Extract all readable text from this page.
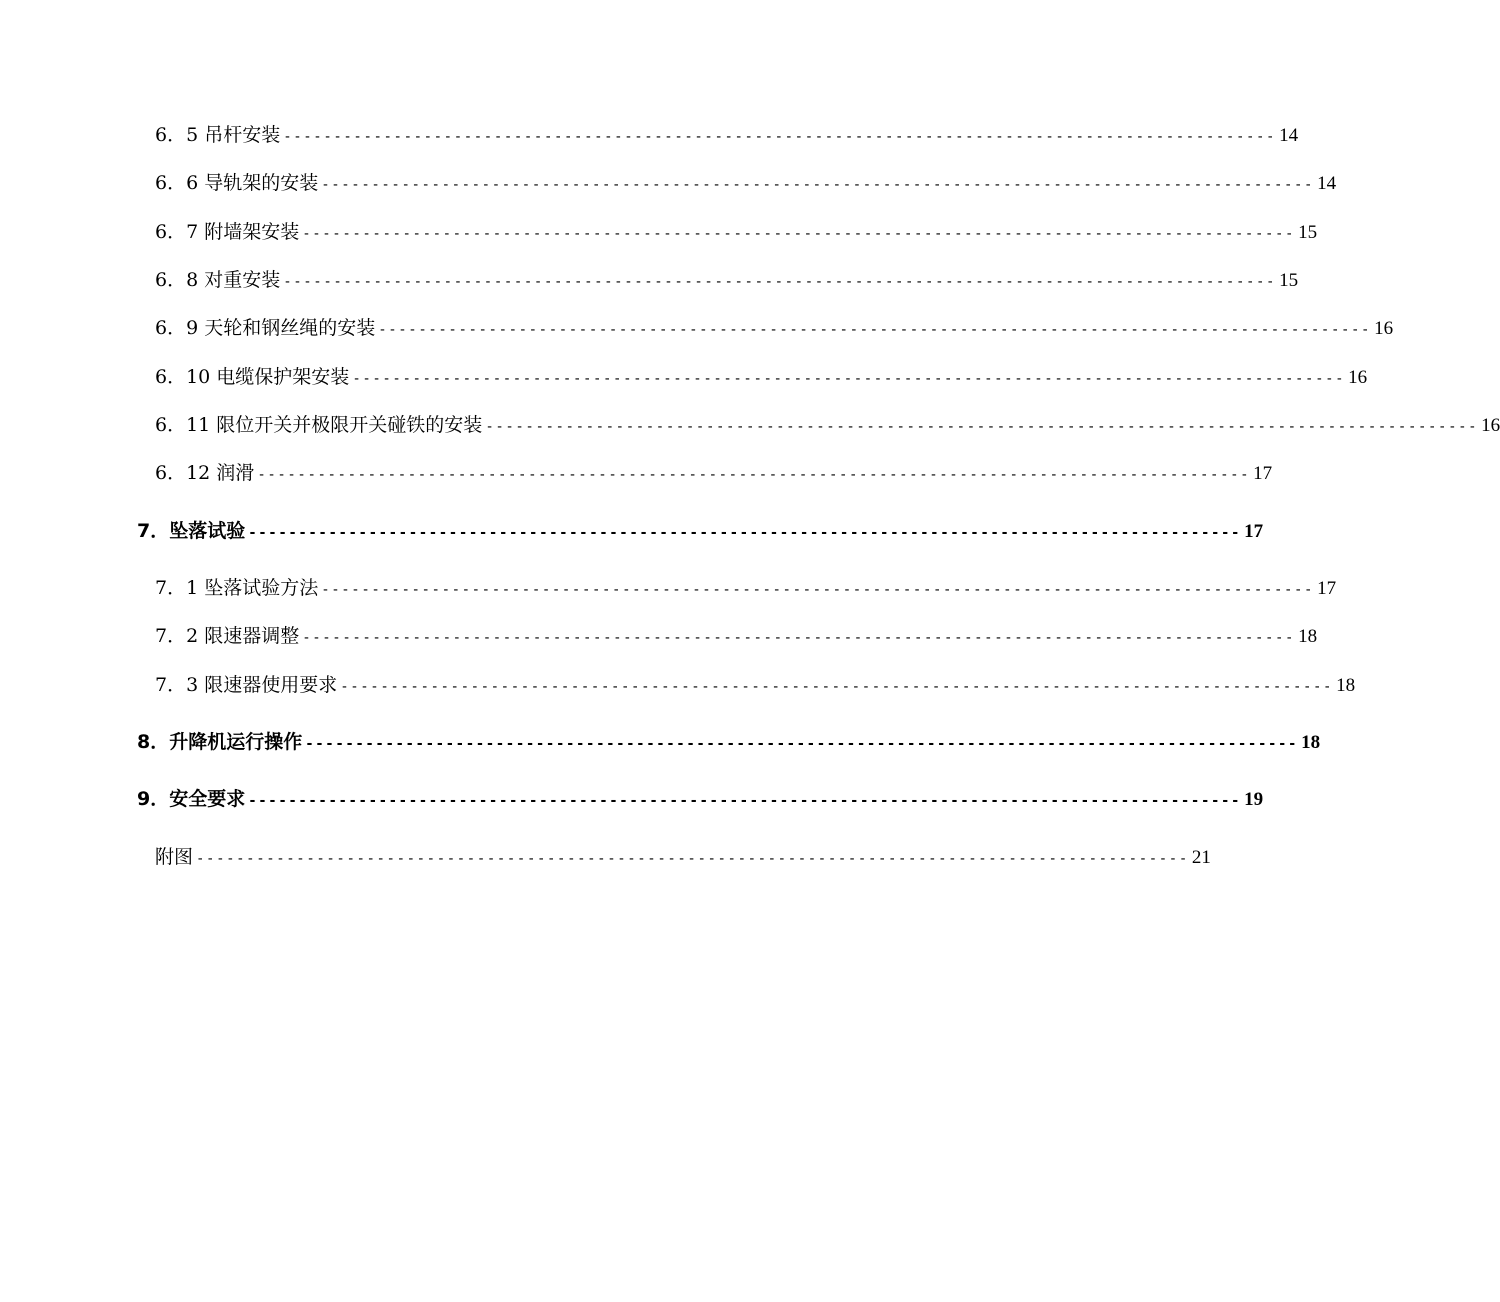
6．5 吊杆安装 --------------------------------------------------------------------------------------------------- 14
6．6 导轨架的安装 --------------------------------------------------------------------------------------------------- 14
6．7 附墙架安装 --------------------------------------------------------------------------------------------------- 15
6．8 对重安装 --------------------------------------------------------------------------------------------------- 15
6．9 天轮和钢丝绳的安装 --------------------------------------------------------------------------------------------------- 16
6．10 电缆保护架安装 --------------------------------------------------------------------------------------------------- 16
6．11 限位开关并极限开关碰铁的安装 --------------------------------------------------------------------------------------------------- 16
6．12 润滑 --------------------------------------------------------------------------------------------------- 17
7．坠落试验 --------------------------------------------------------------------------------------------------- 17
7．1 坠落试验方法 --------------------------------------------------------------------------------------------------- 17
7．2 限速器调整 --------------------------------------------------------------------------------------------------- 18
7．3 限速器使用要求 --------------------------------------------------------------------------------------------------- 18
8．升降机运行操作 --------------------------------------------------------------------------------------------------- 18
9．安全要求 --------------------------------------------------------------------------------------------------- 19
附图 --------------------------------------------------------------------------------------------------- 21
